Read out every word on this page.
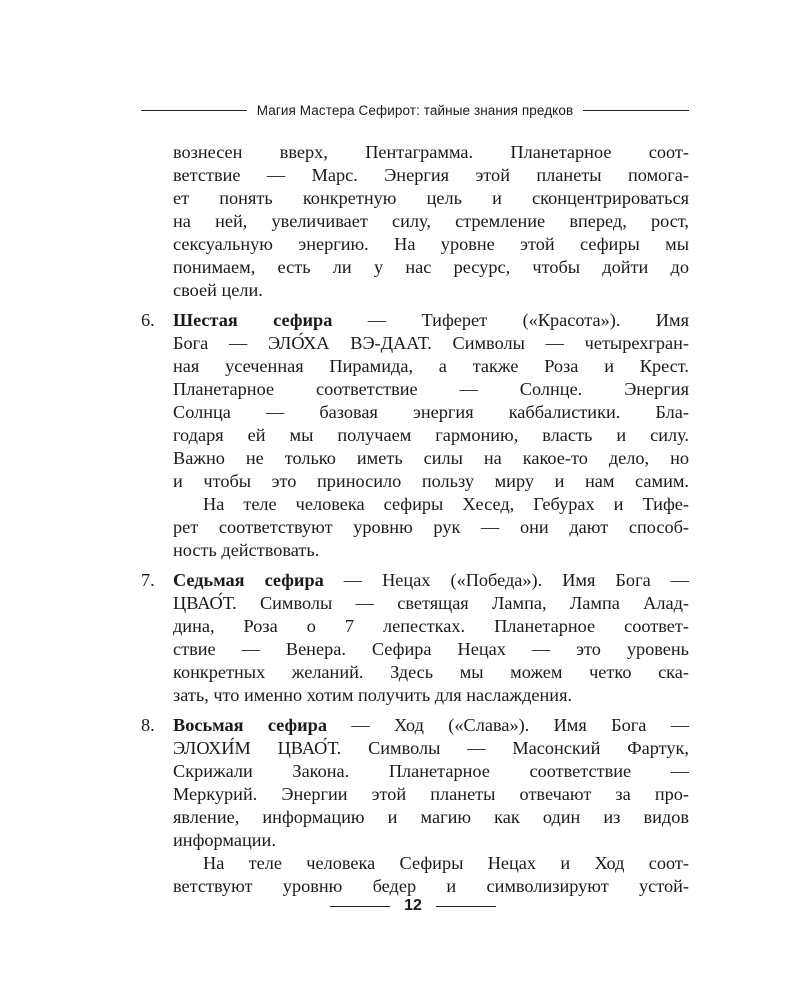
Магия Мастера Сефирот: тайные знания предков
вознесен вверх, Пентаграмма. Планетарное соот-
ветствие — Марс. Энергия этой планеты помога-
ет понять конкретную цель и сконцентрироваться
на ней, увеличивает силу, стремление вперед, рост,
сексуальную энергию. На уровне этой сефиры мы
понимаем, есть ли у нас ресурс, чтобы дойти до
своей цели.
6. Шестая сефира — Тиферет («Красота»). Имя
Бога — ЭЛО́ХА ВЭ-ДААТ. Символы — четырехгран-
ная усеченная Пирамида, а также Роза и Крест.
Планетарное соответствие — Солнце. Энергия
Солнца — базовая энергия каббалистики. Бла-
годаря ей мы получаем гармонию, власть и силу.
Важно не только иметь силы на какое-то дело, но
и чтобы это приносило пользу миру и нам самим.
На теле человека сефиры Хесед, Гебурах и Тифе-
рет соответствуют уровню рук — они дают способ-
ность действовать.
7. Седьмая сефира — Нецах («Победа»). Имя Бога —
ЦВАО́Т. Символы — светящая Лампа, Лампа Алад-
дина, Роза о 7 лепестках. Планетарное соответ-
ствие — Венера. Сефира Нецах — это уровень
конкретных желаний. Здесь мы можем четко ска-
зать, что именно хотим получить для наслаждения.
8. Восьмая сефира — Ход («Слава»). Имя Бога —
ЭЛОХИ́М ЦВАО́Т. Символы — Масонский Фартук,
Скрижали Закона. Планетарное соответствие —
Меркурий. Энергии этой планеты отвечают за про-
явление, информацию и магию как один из видов
информации.
На теле человека Сефиры Нецах и Ход соот-
ветствуют уровню бедер и символизируют устой-
12
